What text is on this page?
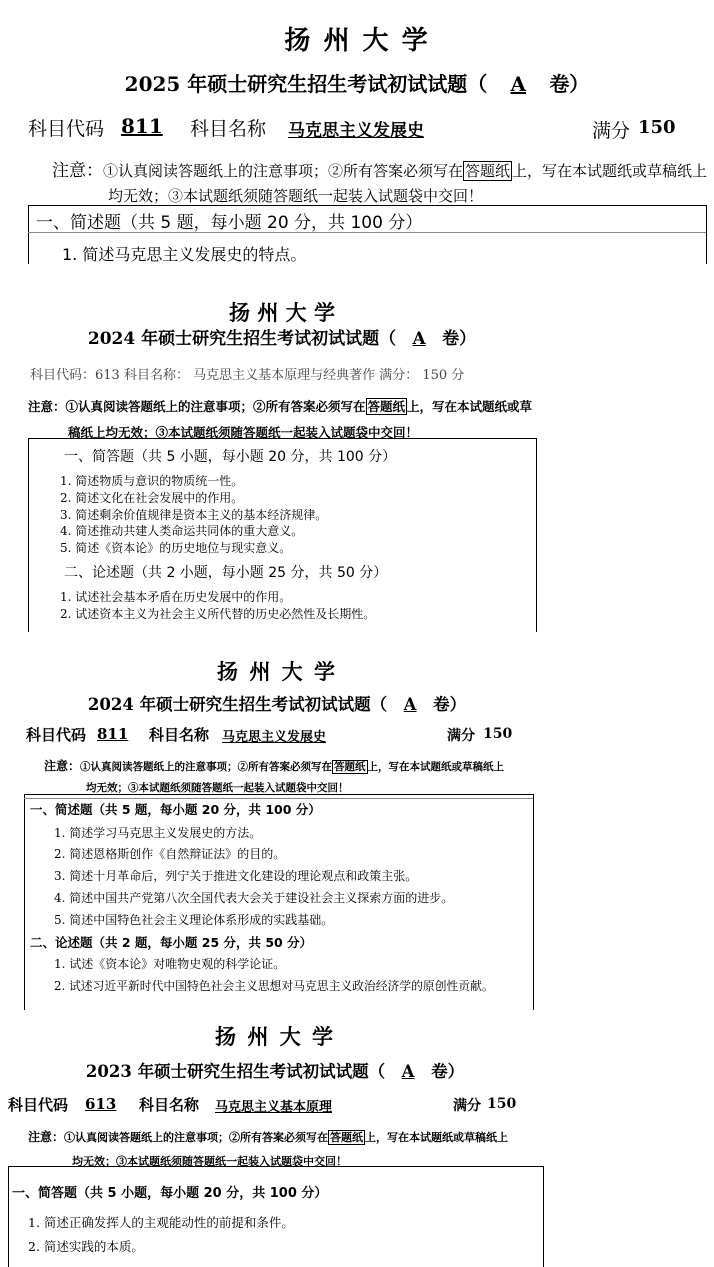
扬 州 大 学
2025 年硕士研究生招生考试初试试题（ A 卷）
科目代码 811 科目名称 马克思主义发展史	满分 150
注意：①认真阅读答题纸上的注意事项；②所有答案必须写在 答题纸 上，写在本试题纸或草稿纸上
均无效；③本试题纸须随答题纸一起装入试题袋中交回！
一、简述题（共 5 题，每小题 20 分，共 100 分）
1. 简述马克思主义发展史的特点。
扬 州 大 学
2024 年硕士研究生招生考试初试试题（ A 卷）
科目代码：613 科目名称： 马克思主义基本原理与经典著作 满分： 150 分
注意：①认真阅读答题纸上的注意事项；②所有答案必须写在 答题纸 上，写在本试题纸或草
稿纸上均无效；③本试题纸须随答题纸一起装入试题袋中交回！
一、简答题（共 5 小题，每小题 20 分，共 100 分）
1. 简述物质与意识的物质统一性。
2. 简述文化在社会发展中的作用。
3. 简述剩余价值规律是资本主义的基本经济规律。
4. 简述推动共建人类命运共同体的重大意义。
5. 简述《资本论》的历史地位与现实意义。
二、论述题（共 2 小题，每小题 25 分，共 50 分）
1. 试述社会基本矛盾在历史发展中的作用。
2. 试述资本主义为社会主义所代替的历史必然性及长期性。
扬 州 大 学
2024 年硕士研究生招生考试初试试题（ A 卷）
科目代码 811 科目名称 马克思主义发展史	满分 150
注意：①认真阅读答题纸上的注意事项；②所有答案必须写在 答题纸 上，写在本试题纸或草稿纸上
均无效；③本试题纸须随答题纸一起装入试题袋中交回！
一、简述题（共 5 题，每小题 20 分，共 100 分）
1. 简述学习马克思主义发展史的方法。
2. 简述恩格斯创作《自然辩证法》的目的。
3. 简述十月革命后，列宁关于推进文化建设的理论观点和政策主张。
4. 简述中国共产党第八次全国代表大会关于建设社会主义探索方面的进步。
5. 简述中国特色社会主义理论体系形成的实践基础。
二、论述题（共 2 题，每小题 25 分，共 50 分）
1. 试述《资本论》对唯物史观的科学论证。
2. 试述习近平新时代中国特色社会主义思想对马克思主义政治经济学的原创性贡献。
扬 州 大 学
2023 年硕士研究生招生考试初试试题（ A 卷）
科目代码 613 科目名称 马克思主义基本原理	满分 150
注意：①认真阅读答题纸上的注意事项；②所有答案必须写在 答题纸 上，写在本试题纸或草稿纸上
均无效；③本试题纸须随答题纸一起装入试题袋中交回！
一、简答题（共 5 小题，每小题 20 分，共 100 分）
1. 简述正确发挥人的主观能动性的前提和条件。
2. 简述实践的本质。
